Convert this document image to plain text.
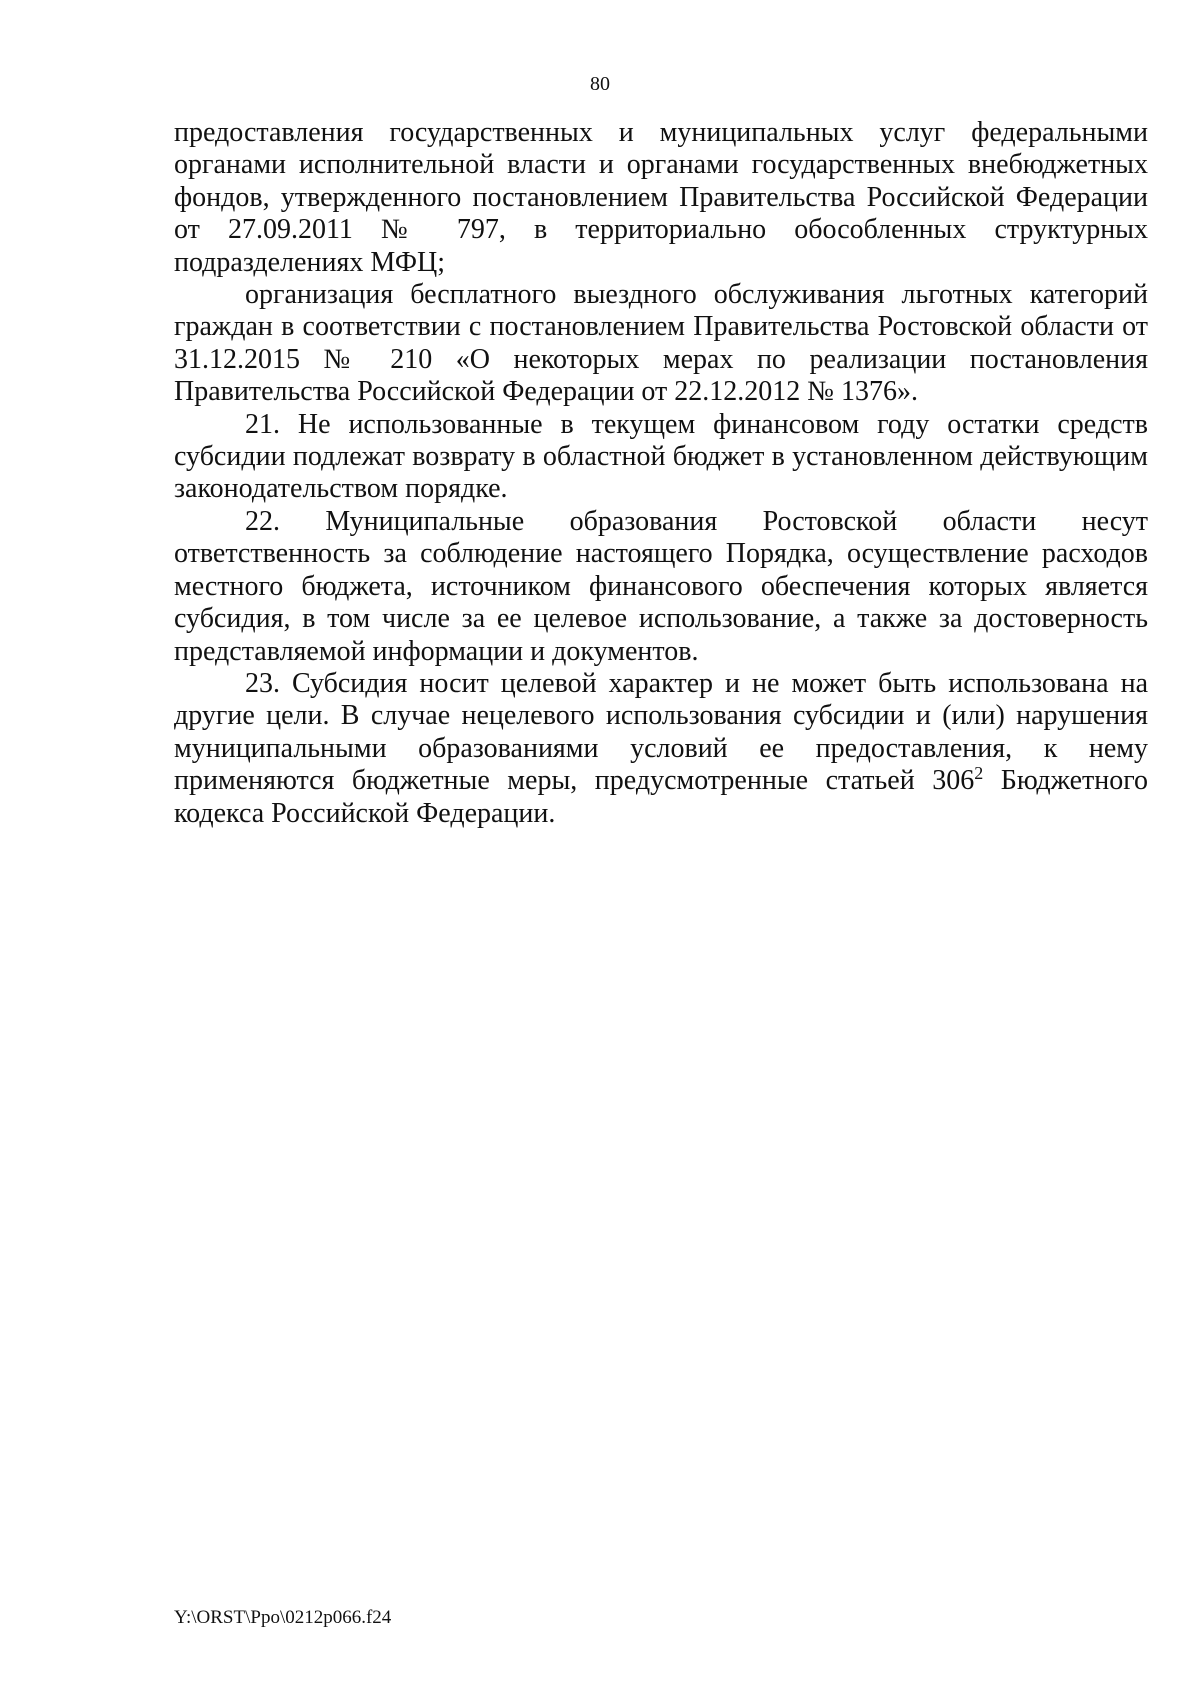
80

предоставления государственных и муниципальных услуг федеральными органами исполнительной власти и органами государственных внебюджетных фондов, утвержденного постановлением Правительства Российской Федерации от 27.09.2011 № 797, в территориально обособленных структурных подразделениях МФЦ;

организация бесплатного выездного обслуживания льготных категорий граждан в соответствии с постановлением Правительства Ростовской области от 31.12.2015 № 210 «О некоторых мерах по реализации постановления Правительства Российской Федерации от 22.12.2012 № 1376».

21. Не использованные в текущем финансовом году остатки средств субсидии подлежат возврату в областной бюджет в установленном действующим законодательством порядке.

22. Муниципальные образования Ростовской области несут ответственность за соблюдение настоящего Порядка, осуществление расходов местного бюджета, источником финансового обеспечения которых является субсидия, в том числе за ее целевое использование, а также за достоверность представляемой информации и документов.

23. Субсидия носит целевой характер и не может быть использована на другие цели. В случае нецелевого использования субсидии и (или) нарушения муниципальными образованиями условий ее предоставления, к нему применяются бюджетные меры, предусмотренные статьей $306^2$ Бюджетного кодекса Российской Федерации.

Y:\ORST\Ppo\0212p066.f24
